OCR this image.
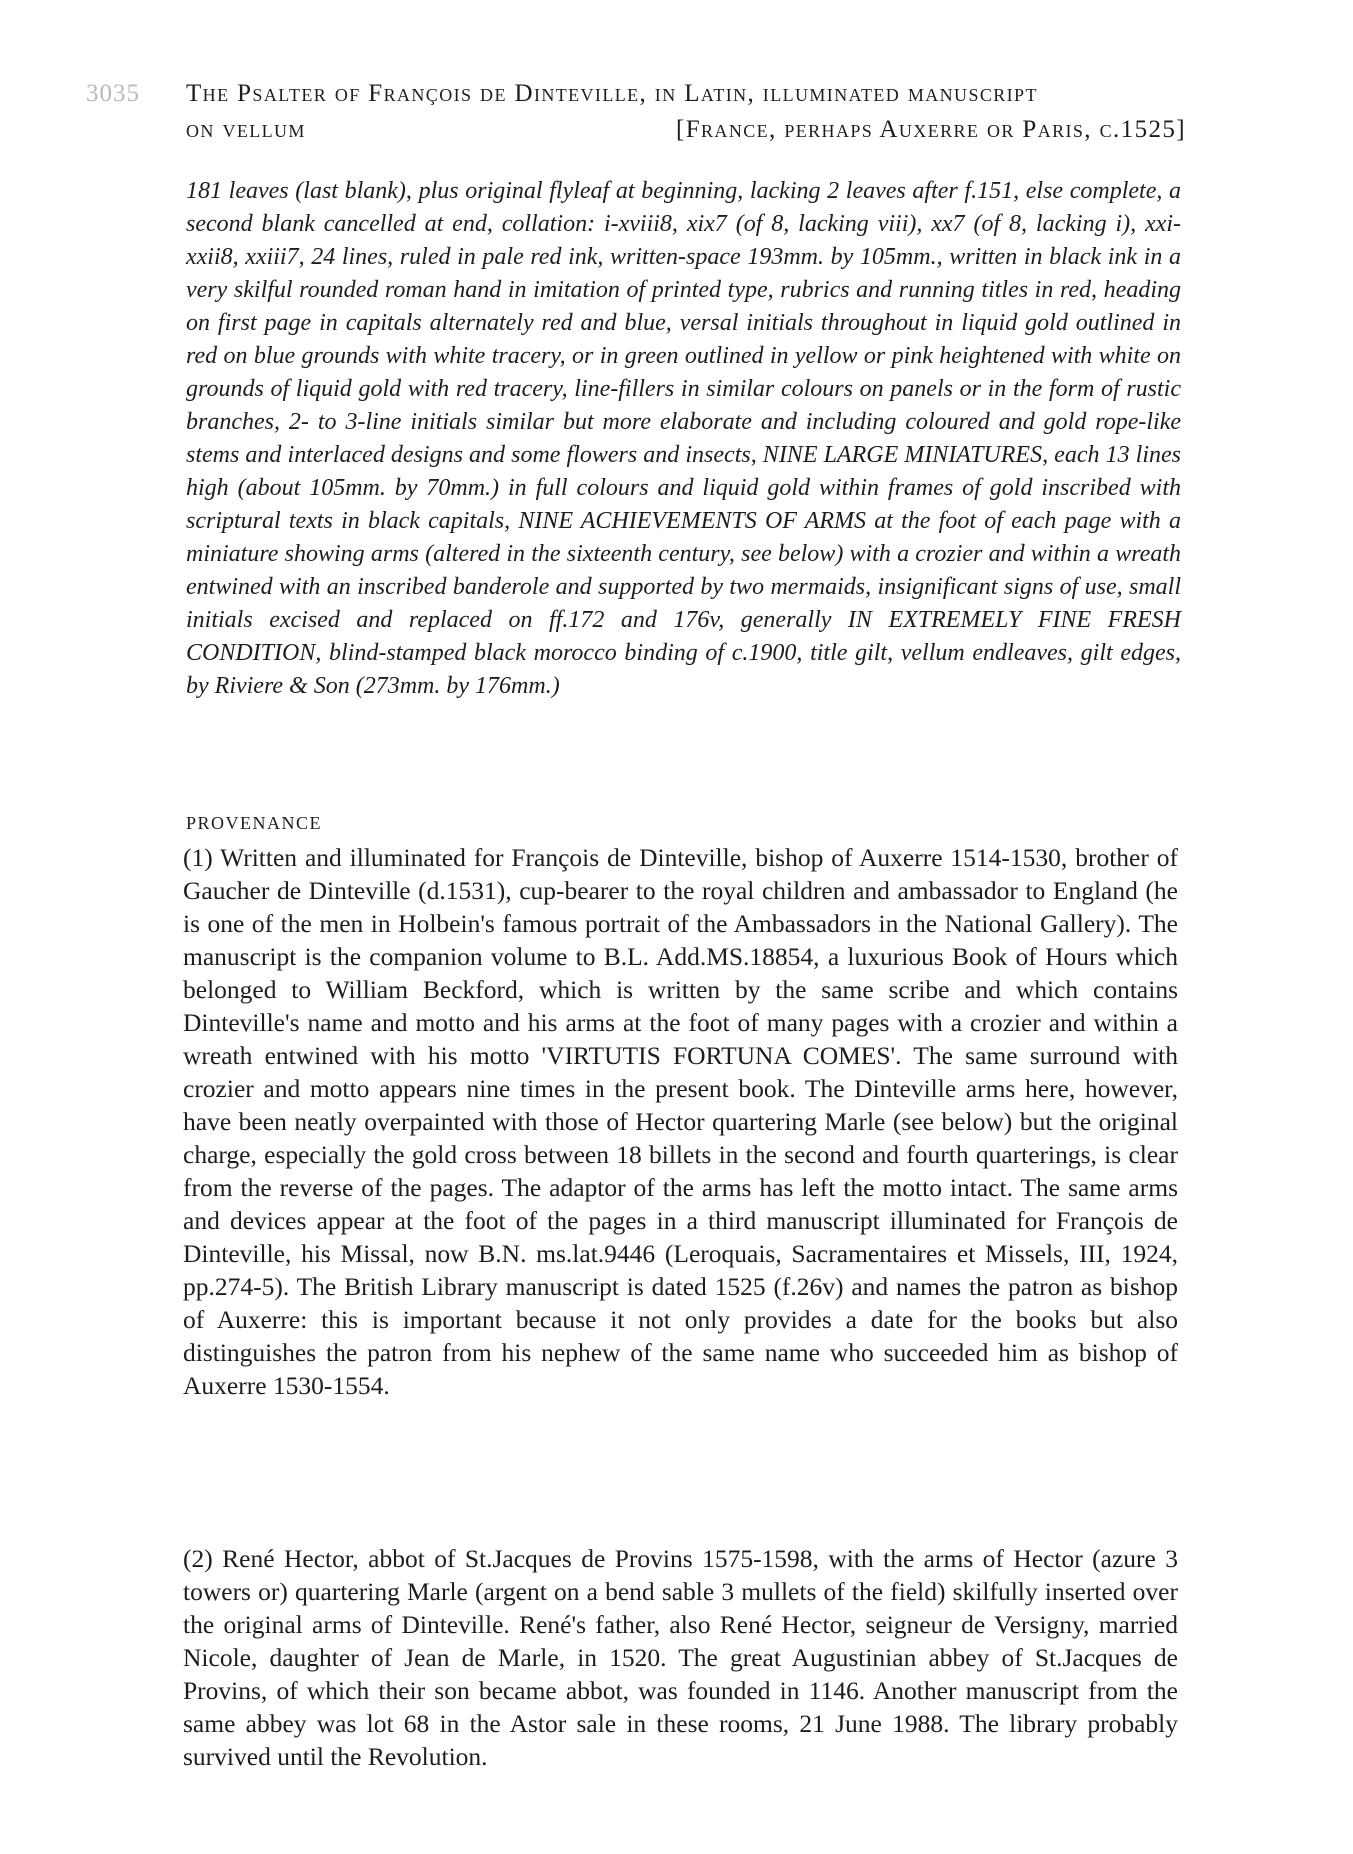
3035 The Psalter of François de Dinteville, in Latin, illuminated manuscript
on vellum	[France, perhaps Auxerre or Paris, c.1525]

181 leaves (last blank), plus original flyleaf at beginning, lacking 2 leaves after f.151, else complete, a second blank cancelled at end, collation: i-xviii8, xix7 (of 8, lacking viii), xx7 (of 8, lacking i), xxi-xxii8, xxiii7, 24 lines, ruled in pale red ink, written-space 193mm. by 105mm., written in black ink in a very skilful rounded roman hand in imitation of printed type, rubrics and running titles in red, heading on first page in capitals alternately red and blue, versal initials throughout in liquid gold outlined in red on blue grounds with white tracery, or in green outlined in yellow or pink heightened with white on grounds of liquid gold with red tracery, line-fillers in similar colours on panels or in the form of rustic branches, 2- to 3-line initials similar but more elaborate and including coloured and gold rope-like stems and interlaced designs and some flowers and insects, NINE LARGE MINIATURES, each 13 lines high (about 105mm. by 70mm.) in full colours and liquid gold within frames of gold inscribed with scriptural texts in black capitals, NINE ACHIEVEMENTS OF ARMS at the foot of each page with a miniature showing arms (altered in the sixteenth century, see below) with a crozier and within a wreath entwined with an inscribed banderole and supported by two mermaids, insignificant signs of use, small initials excised and replaced on ff.172 and 176v, generally IN EXTREMELY FINE FRESH CONDITION, blind-stamped black morocco binding of c.1900, title gilt, vellum endleaves, gilt edges, by Riviere & Son (273mm. by 176mm.)

PROVENANCE

(1) Written and illuminated for François de Dinteville, bishop of Auxerre 1514-1530, brother of Gaucher de Dinteville (d.1531), cup-bearer to the royal children and ambassador to England (he is one of the men in Holbein's famous portrait of the Ambassadors in the National Gallery). The manuscript is the companion volume to B.L. Add.MS.18854, a luxurious Book of Hours which belonged to William Beckford, which is written by the same scribe and which contains Dinteville's name and motto and his arms at the foot of many pages with a crozier and within a wreath entwined with his motto 'VIRTUTIS FORTUNA COMES'. The same surround with crozier and motto appears nine times in the present book. The Dinteville arms here, however, have been neatly overpainted with those of Hector quartering Marle (see below) but the original charge, especially the gold cross between 18 billets in the second and fourth quarterings, is clear from the reverse of the pages. The adaptor of the arms has left the motto intact. The same arms and devices appear at the foot of the pages in a third manuscript illuminated for François de Dinteville, his Missal, now B.N. ms.lat.9446 (Leroquais, Sacramentaires et Missels, III, 1924, pp.274-5). The British Library manuscript is dated 1525 (f.26v) and names the patron as bishop of Auxerre: this is important because it not only provides a date for the books but also distinguishes the patron from his nephew of the same name who succeeded him as bishop of Auxerre 1530-1554.

(2) René Hector, abbot of St.Jacques de Provins 1575-1598, with the arms of Hector (azure 3 towers or) quartering Marle (argent on a bend sable 3 mullets of the field) skilfully inserted over the original arms of Dinteville. René's father, also René Hector, seigneur de Versigny, married Nicole, daughter of Jean de Marle, in 1520. The great Augustinian abbey of St.Jacques de Provins, of which their son became abbot, was founded in 1146. Another manuscript from the same abbey was lot 68 in the Astor sale in these rooms, 21 June 1988. The library probably survived until the Revolution.
